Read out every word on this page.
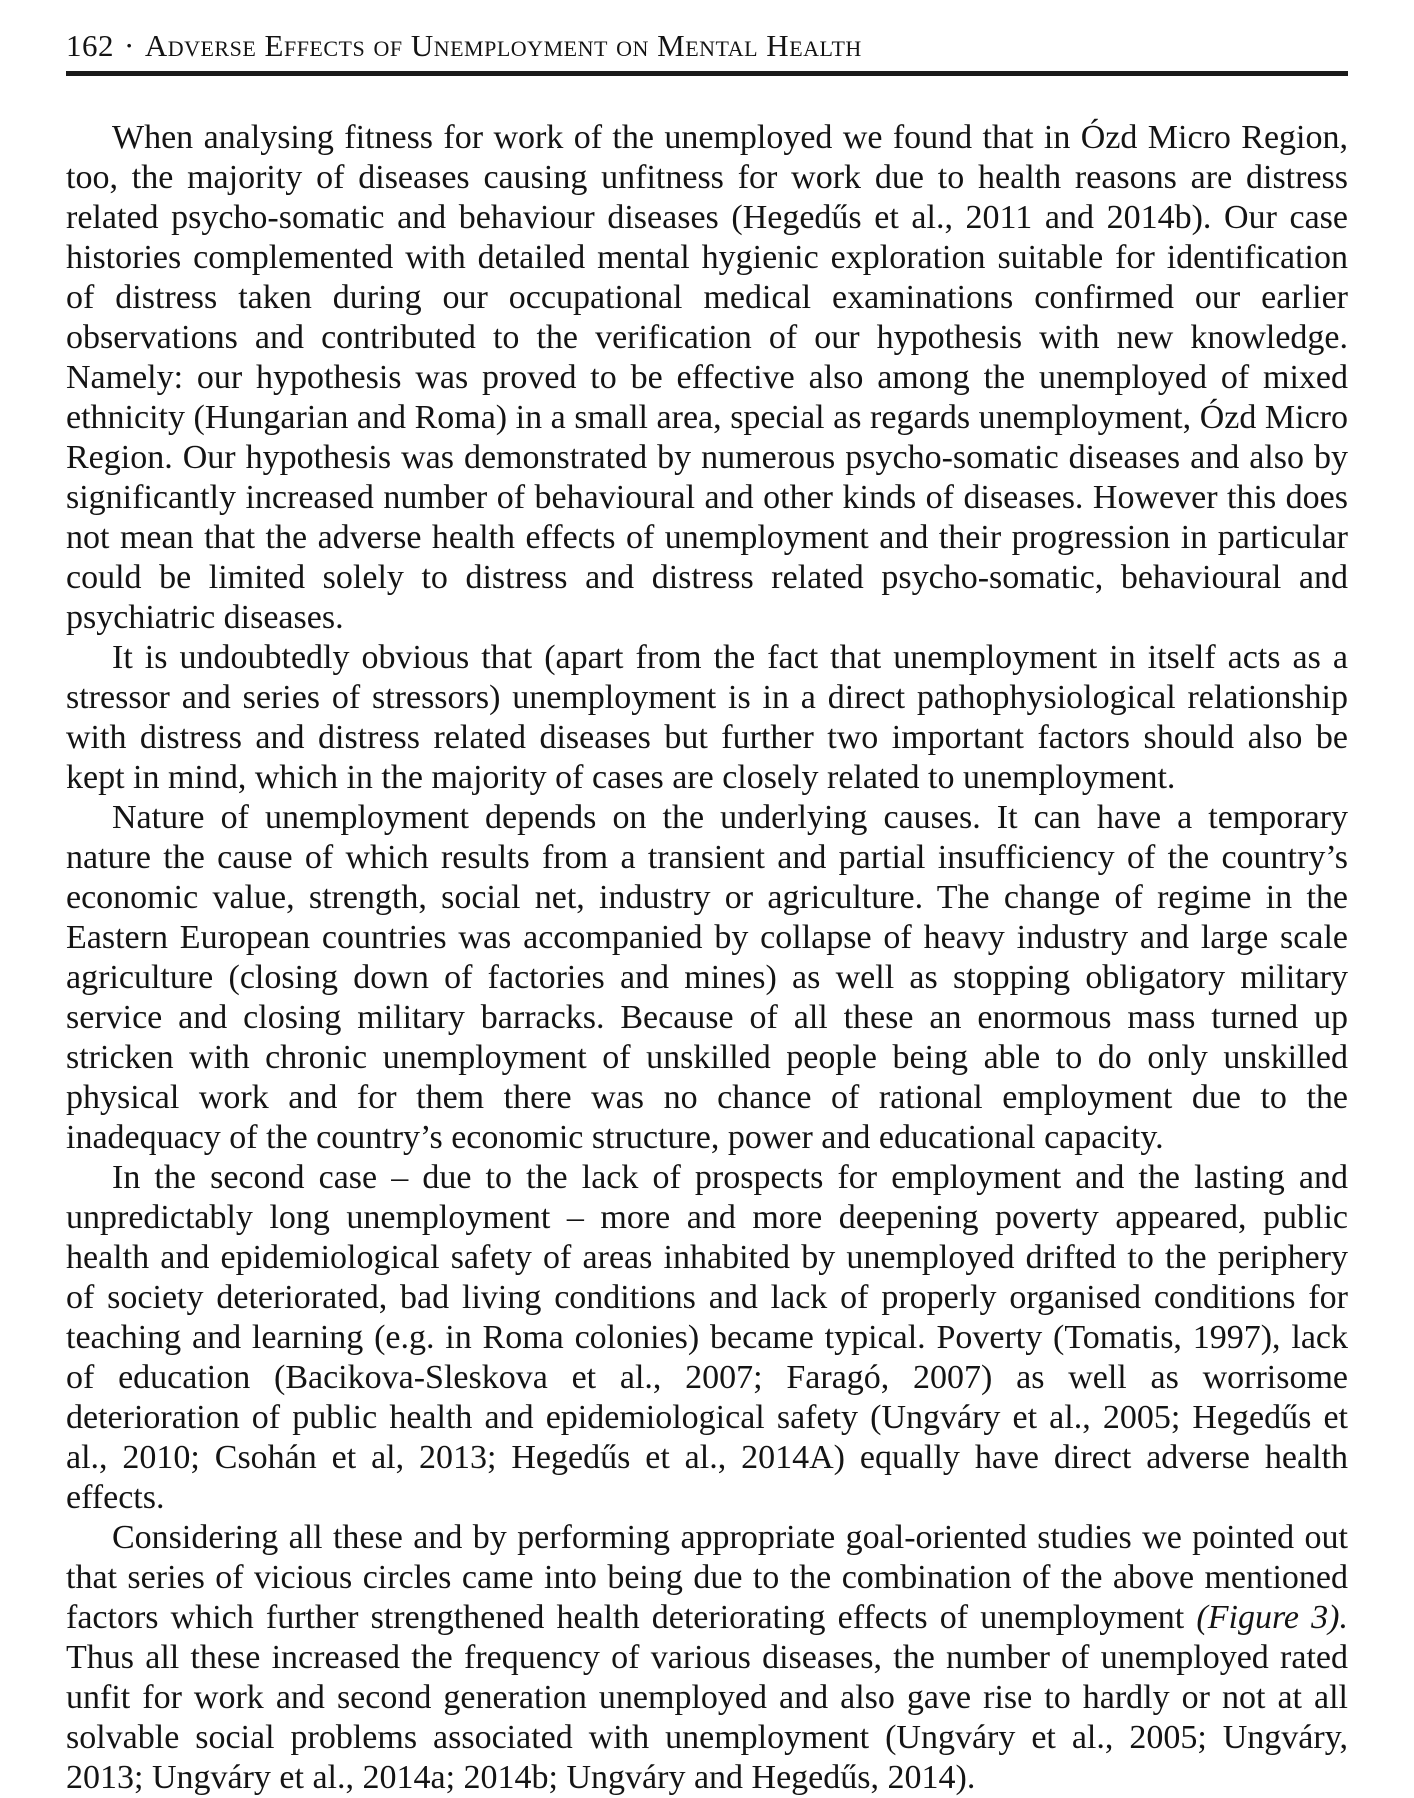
162 · Adverse Effects of Unemployment on Mental Health

When analysing fitness for work of the unemployed we found that in Ózd Micro Region, too, the majority of diseases causing unfitness for work due to health reasons are distress related psycho-somatic and behaviour diseases (Hegedűs et al., 2011 and 2014b). Our case histories complemented with detailed mental hygienic exploration suitable for identification of distress taken during our occupational medical examinations confirmed our earlier observations and contributed to the verification of our hypothesis with new knowledge. Namely: our hypothesis was proved to be effective also among the unemployed of mixed ethnicity (Hungarian and Roma) in a small area, special as regards unemployment, Ózd Micro Region. Our hypothesis was demonstrated by numerous psycho-somatic diseases and also by significantly increased number of behavioural and other kinds of diseases. However this does not mean that the adverse health effects of unemployment and their progression in particular could be limited solely to distress and distress related psycho-somatic, behavioural and psychiatric diseases.

It is undoubtedly obvious that (apart from the fact that unemployment in itself acts as a stressor and series of stressors) unemployment is in a direct pathophysiological relationship with distress and distress related diseases but further two important factors should also be kept in mind, which in the majority of cases are closely related to unemployment.

Nature of unemployment depends on the underlying causes. It can have a temporary nature the cause of which results from a transient and partial insufficiency of the country’s economic value, strength, social net, industry or agriculture. The change of regime in the Eastern European countries was accompanied by collapse of heavy industry and large scale agriculture (closing down of factories and mines) as well as stopping obligatory military service and closing military barracks. Because of all these an enormous mass turned up stricken with chronic unemployment of unskilled people being able to do only unskilled physical work and for them there was no chance of rational employment due to the inadequacy of the country’s economic structure, power and educational capacity.

In the second case – due to the lack of prospects for employment and the lasting and unpredictably long unemployment – more and more deepening poverty appeared, public health and epidemiological safety of areas inhabited by unemployed drifted to the periphery of society deteriorated, bad living conditions and lack of properly organised conditions for teaching and learning (e.g. in Roma colonies) became typical. Poverty (Tomatis, 1997), lack of education (Bacikova-Sleskova et al., 2007; Faragó, 2007) as well as worrisome deterioration of public health and epidemiological safety (Ungváry et al., 2005; Hegedűs et al., 2010; Csohán et al, 2013; Hegedűs et al., 2014A) equally have direct adverse health effects.

Considering all these and by performing appropriate goal-oriented studies we pointed out that series of vicious circles came into being due to the combination of the above mentioned factors which further strengthened health deteriorating effects of unemployment (Figure 3). Thus all these increased the frequency of various diseases, the number of unemployed rated unfit for work and second generation unemployed and also gave rise to hardly or not at all solvable social problems associated with unemployment (Ungváry et al., 2005; Ungváry, 2013; Ungváry et al., 2014a; 2014b; Ungváry and Hegedűs, 2014).
